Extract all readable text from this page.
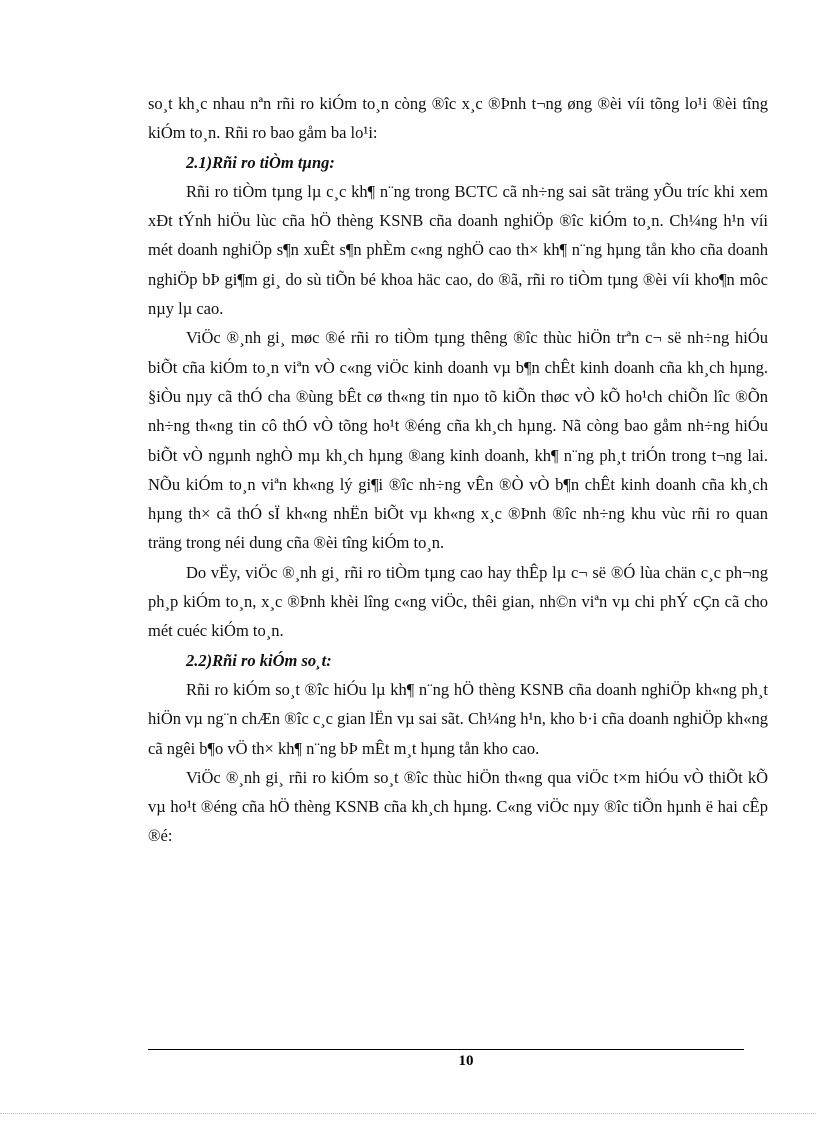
so¸t kh¸c nhau nªn rñi ro kiÓm to¸n còng ®îc x¸c ®Þnh t¬ng øng ®èi víi tõng lo¹i ®èi tîng kiÓm to¸n. Rñi ro bao gåm ba lo¹i:

2.1)Rñi ro tiÒm tµng:

Rñi ro tiÒm tµng lµ c¸c kh¶ n¨ng trong BCTC cã nh÷ng sai sãt träng yÕu tríc khi xem xÐt tÝnh hiÖu lùc cña hÖ thèng KSNB cña doanh nghiÖp ®îc kiÓm to¸n. Ch¼ng h¹n víi mét doanh nghiÖp s¶n xuÊt s¶n phÈm c«ng nghÖ cao th× kh¶ n¨ng hµng tån kho cña doanh nghiÖp bÞ gi¶m gi¸ do sù tiÕn bé khoa häc cao, do ®ã, rñi ro tiÒm tµng ®èi víi kho¶n môc nµy lµ cao.

ViÖc ®¸nh gi¸ møc ®é rñi ro tiÒm tµng thêng ®îc thùc hiÖn trªn c¬ së nh÷ng hiÓu biÕt cña kiÓm to¸n viªn vÒ c«ng viÖc kinh doanh vµ b¶n chÊt kinh doanh cña kh¸ch hµng. §iÒu nµy cã thÓ cha ®ùng bÊt cø th«ng tin nµo tõ kiÕn thøc vÒ kÕ ho¹ch chiÕn lîc ®Õn nh÷ng th«ng tin cô thÓ vÒ tõng ho¹t ®éng cña kh¸ch hµng. Nã còng bao gåm nh÷ng hiÓu biÕt vÒ ngµnh nghÒ mµ kh¸ch hµng ®ang kinh doanh, kh¶ n¨ng ph¸t triÓn trong t¬ng lai. NÕu kiÓm to¸n viªn kh«ng lý gi¶i ®îc nh÷ng vÊn ®Ò vÒ b¶n chÊt kinh doanh cña kh¸ch hµng th× cã thÓ sÏ kh«ng nhËn biÕt vµ kh«ng x¸c ®Þnh ®îc nh÷ng khu vùc rñi ro quan träng trong néi dung cña ®èi tîng kiÓm to¸n.

Do vËy, viÖc ®¸nh gi¸ rñi ro tiÒm tµng cao hay thÊp lµ c¬ së ®Ó lùa chän c¸c ph¬ng ph¸p kiÓm to¸n, x¸c ®Þnh khèi lîng c«ng viÖc, thêi gian, nh©n viªn vµ chi phÝ cÇn cã cho mét cuéc kiÓm to¸n.

2.2)Rñi ro kiÓm so¸t:

Rñi ro kiÓm so¸t ®îc hiÓu lµ kh¶ n¨ng hÖ thèng KSNB cña doanh nghiÖp kh«ng ph¸t hiÖn vµ ng¨n chÆn ®îc c¸c gian lËn vµ sai sãt. Ch¼ng h¹n, kho b·i cña doanh nghiÖp kh«ng cã ngêi b¶o vÖ th× kh¶ n¨ng bÞ mÊt m¸t hµng tån kho cao.

ViÖc ®¸nh gi¸ rñi ro kiÓm so¸t ®îc thùc hiÖn th«ng qua viÖc t×m hiÓu vÒ thiÕt kÕ vµ ho¹t ®éng cña hÖ thèng KSNB cña kh¸ch hµng. C«ng viÖc nµy ®îc tiÕn hµnh ë hai cÊp ®é:

10
